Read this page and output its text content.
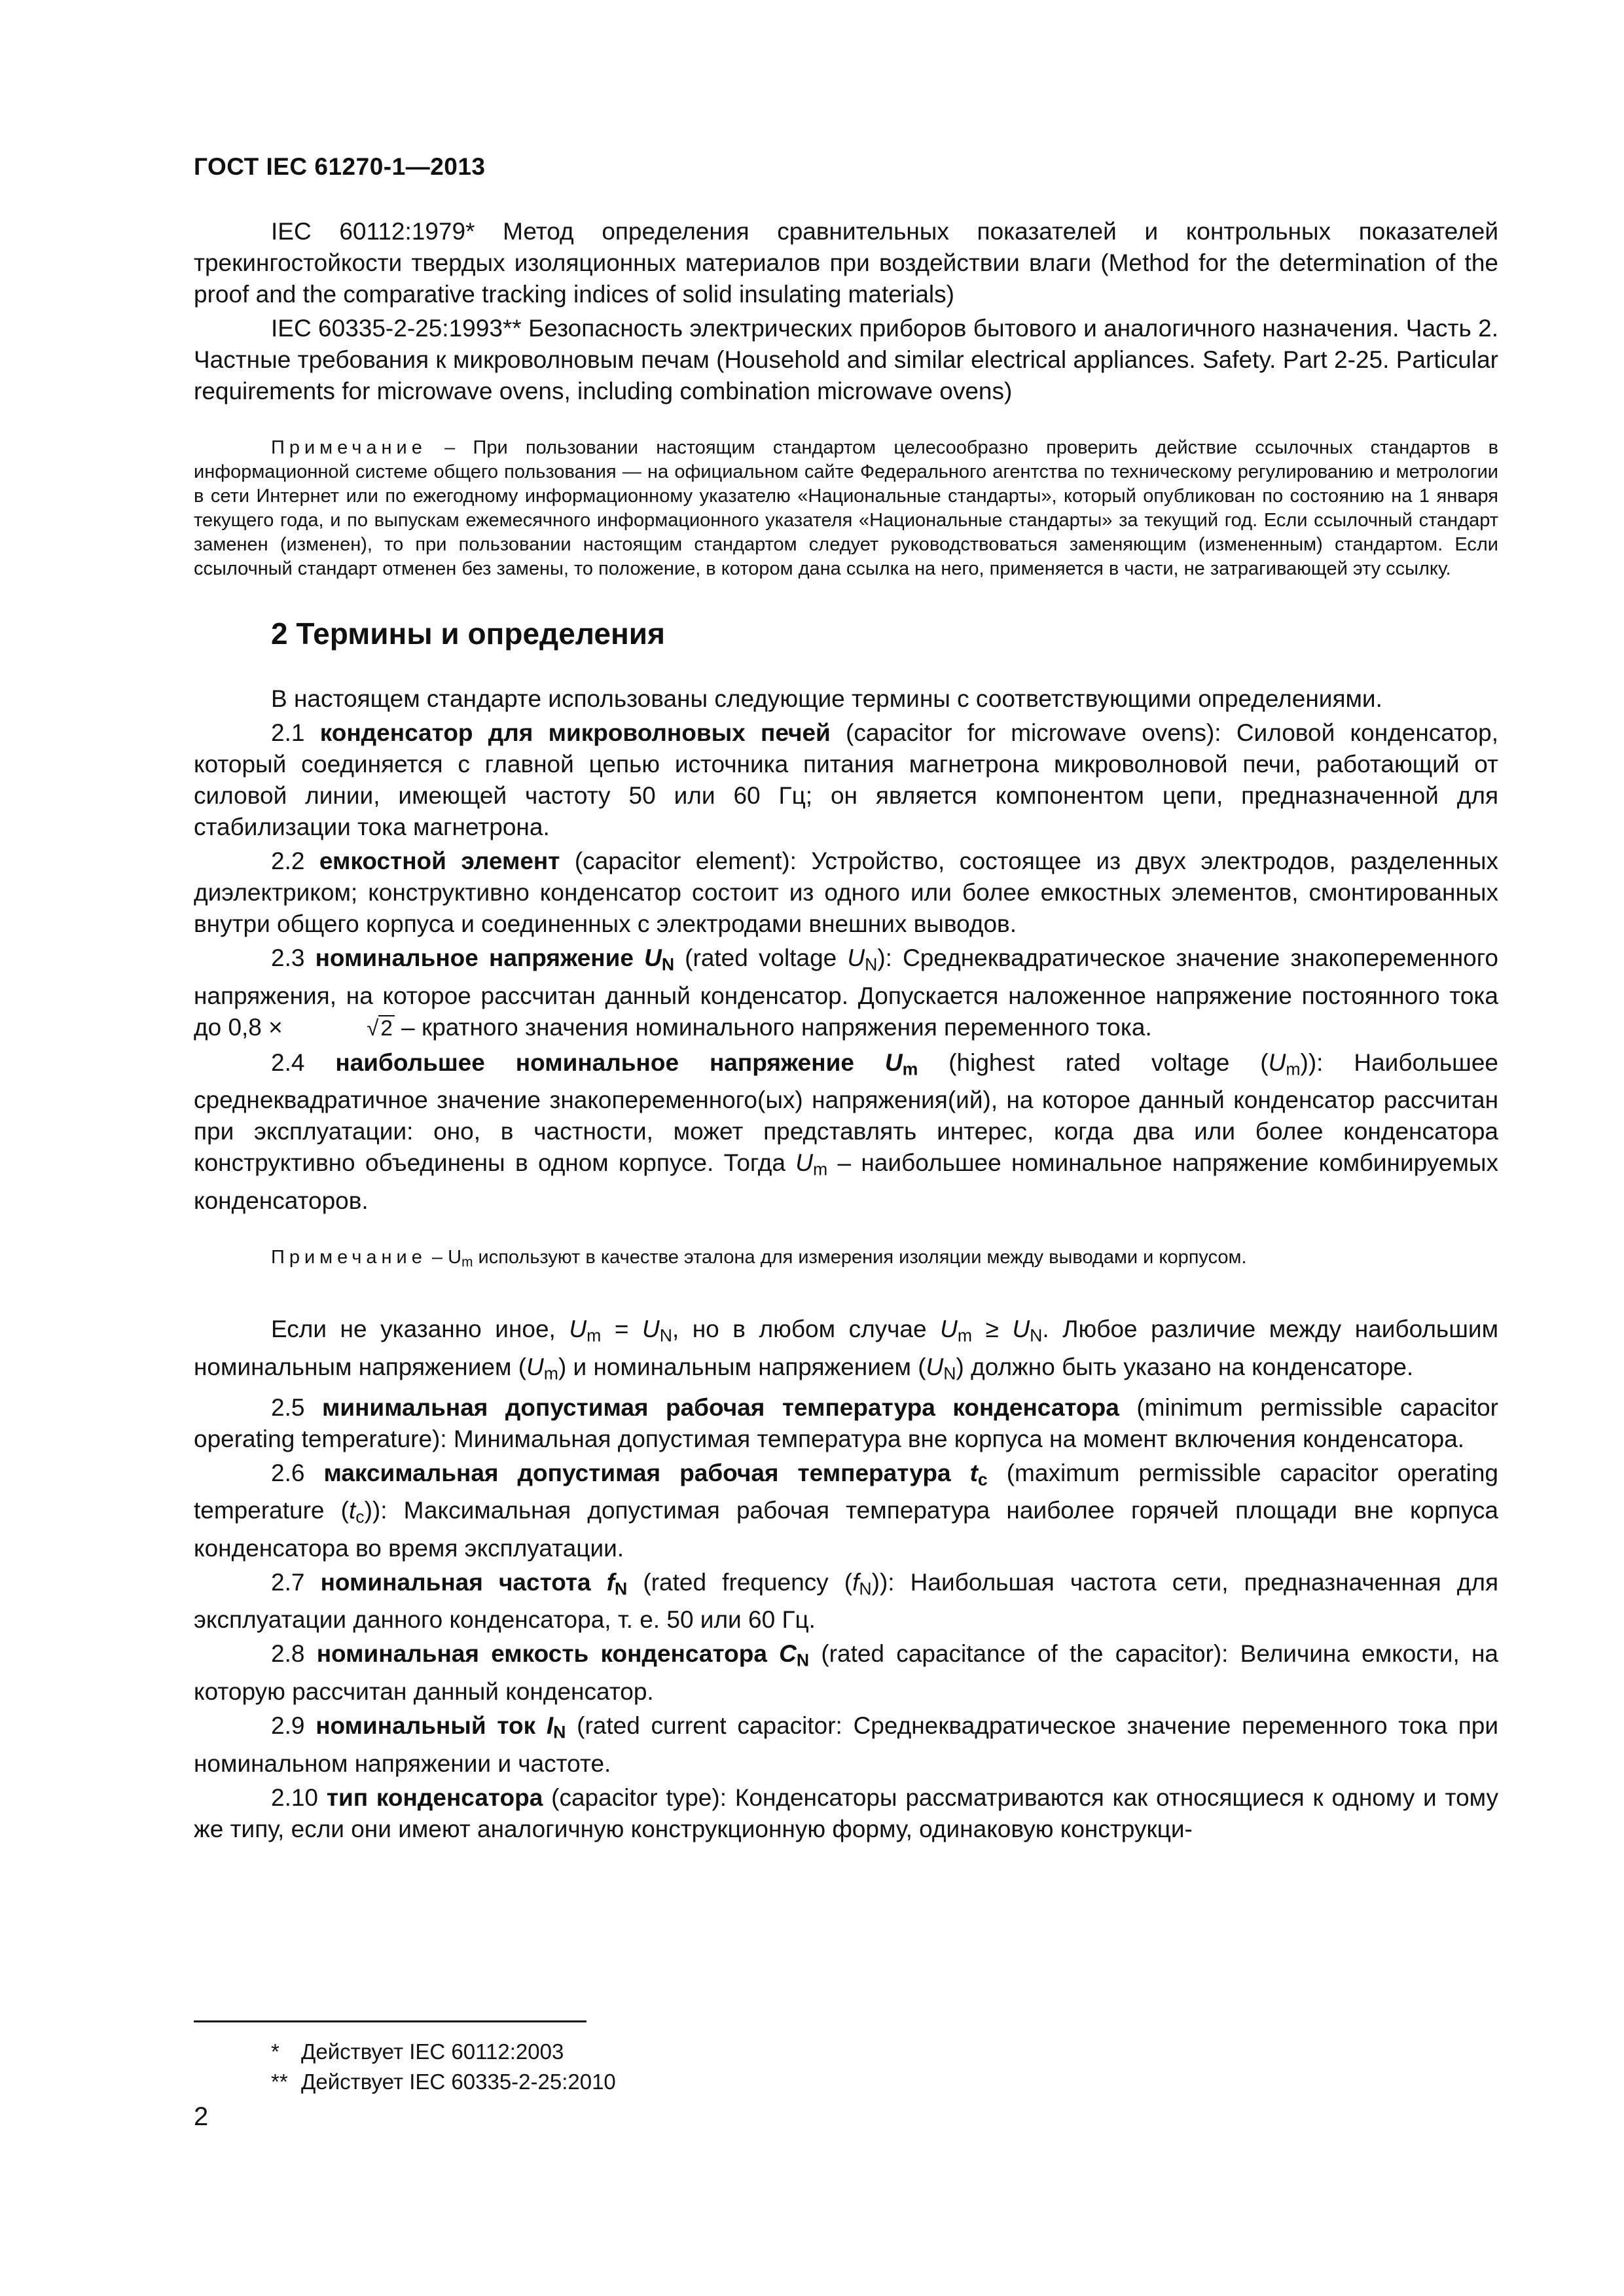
ГОСТ IEC 61270-1—2013

IEC 60112:1979* Метод определения сравнительных показателей и контрольных показателей трекингостойкости твердых изоляционных материалов при воздействии влаги (Method for the determination of the proof and the comparative tracking indices of solid insulating materials)

IEC 60335-2-25:1993** Безопасность электрических приборов бытового и аналогичного назначения. Часть 2. Частные требования к микроволновым печам (Household and similar electrical appliances. Safety. Part 2-25. Particular requirements for microwave ovens, including combination microwave ovens)

Примечание – При пользовании настоящим стандартом целесообразно проверить действие ссылочных стандартов в информационной системе общего пользования — на официальном сайте Федерального агентства по техническому регулированию и метрологии в сети Интернет или по ежегодному информационному указателю «Национальные стандарты», который опубликован по состоянию на 1 января текущего года, и по выпускам ежемесячного информационного указателя «Национальные стандарты» за текущий год. Если ссылочный стандарт заменен (изменен), то при пользовании настоящим стандартом следует руководствоваться заменяющим (измененным) стандартом. Если ссылочный стандарт отменен без замены, то положение, в котором дана ссылка на него, применяется в части, не затрагивающей эту ссылку.

2 Термины и определения

В настоящем стандарте использованы следующие термины с соответствующими определениями.

2.1 конденсатор для микроволновых печей (capacitor for microwave ovens): Силовой конденсатор, который соединяется с главной цепью источника питания магнетрона микроволновой печи, работающий от силовой линии, имеющей частоту 50 или 60 Гц; он является компонентом цепи, предназначенной для стабилизации тока магнетрона.

2.2 емкостной элемент (capacitor element): Устройство, состоящее из двух электродов, разделенных диэлектриком; конструктивно конденсатор состоит из одного или более емкостных элементов, смонтированных внутри общего корпуса и соединенных с электродами внешних выводов.

2.3 номинальное напряжение $U_N$ (rated voltage $U_N$): Среднеквадратическое значение знакопеременного напряжения, на которое рассчитан данный конденсатор. Допускается наложенное напряжение постоянного тока до 0,8 ×	√2 – кратного значения номинального напряжения переменного тока.

2.4 наибольшее номинальное напряжение $U_m$ (highest rated voltage $(U_m)$): Наибольшее среднеквадратичное значение знакопеременного(ых) напряжения(ий), на которое данный конденсатор рассчитан при эксплуатации: оно, в частности, может представлять интерес, когда два или более конденсатора конструктивно объединены в одном корпусе. Тогда $U_m$ – наибольшее номинальное напряжение комбинируемых конденсаторов.

Примечание – $U_m$ используют в качестве эталона для измерения изоляции между выводами и корпусом.

Если не указанно иное, $U_m = U_N$, но в любом случае $U_m \ge U_N$. Любое различие между наибольшим номинальным напряжением $(U_m)$ и номинальным напряжением $(U_N)$ должно быть указано на конденсаторе.

2.5 минимальная допустимая рабочая температура конденсатора (minimum permissible capacitor operating temperature): Минимальная допустимая температура вне корпуса на момент включения конденсатора.

2.6 максимальная допустимая рабочая температура $t_c$ (maximum permissible capacitor operating temperature $(t_c)$): Максимальная допустимая рабочая температура наиболее горячей площади вне корпуса конденсатора во время эксплуатации.

2.7 номинальная частота $f_N$ (rated frequency $(f_N)$): Наибольшая частота сети, предназначенная для эксплуатации данного конденсатора, т. е. 50 или 60 Гц.

2.8 номинальная емкость конденсатора $C_N$ (rated capacitance of the capacitor): Величина емкости, на которую рассчитан данный конденсатор.

2.9 номинальный ток $I_N$ (rated current capacitor: Среднеквадратическое значение переменного тока при номинальном напряжении и частоте.

2.10 тип конденсатора (capacitor type): Конденсаторы рассматриваются как относящиеся к одному и тому же типу, если они имеют аналогичную конструкционную форму, одинаковую конструкци-

* Действует IEC 60112:2003
** Действует IEC 60335-2-25:2010
2
